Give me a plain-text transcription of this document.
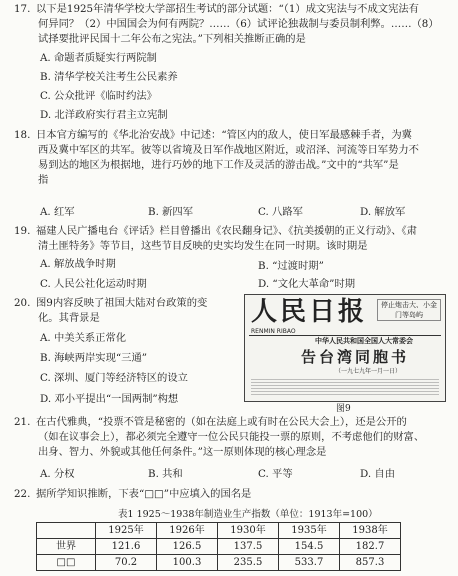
17. 以下是1925年清华学校大学部招生考试的部分试题：“（1）成文宪法与不成文宪法有
何异同？（2）中国国会为何有两院？……（6）试评论独裁制与委员制利弊。……（8）
试择要批评民国十二年公布之宪法。”下列相关推断正确的是
A. 命题者质疑实行两院制
B. 清华学校关注考生公民素养
C. 公众批评《临时约法》
D. 北洋政府实行君主立宪制
18. 日本官方编写的《华北治安战》中记述：“管区内的敌人，使日军最感棘手者，为冀
西及冀中军区的共军。彼等以省境及日军作战地区附近，或沼泽、河流等日军势力不
易到达的地区为根据地，进行巧妙的地下工作及灵活的游击战。”文中的“共军”是
指
A. 红军	B. 新四军	C. 八路军	D. 解放军
19. 福建人民广播电台《评话》栏目曾播出《农民翻身记》、《抗美援朝的正义行动》、《肃
清土匪特务》等节目，这些节目反映的史实均发生在同一时期。该时期是
A. 解放战争时期	B. “过渡时期”
C. 人民公社化运动时期	D. “文化大革命”时期
20. 图9内容反映了祖国大陆对台政策的变
化。其背景是
A. 中美关系正常化
B. 海峡两岸实现“三通”
C. 深圳、厦门等经济特区的设立
D. 邓小平提出“一国两制”构想
人民日报
RENMIN RIBAO
停止炮击大、小金门等岛屿
中华人民共和国全国人大常委会
告台湾同胞书
（一九七九年一月一日）
图9
21. 在古代雅典，“投票不管是秘密的（如在法庭上或有时在公民大会上），还是公开的
（如在议事会上），都必须完全遵守一位公民只能投一票的原则，不考虑他们的财富、
出身、智力、外貌或其他任何条件。”这一原则体现的核心理念是
A. 分权	B. 共和	C. 平等	D. 自由
22. 据所学知识推断，下表“□□”中应填入的国名是
表1 1925～1938年制造业生产指数（单位：1913年=100）
	1925年	1926年	1930年	1935年	1938年
世界	121.6	126.5	137.5	154.5	182.7
□□	70.2	100.3	235.5	533.7	857.3
